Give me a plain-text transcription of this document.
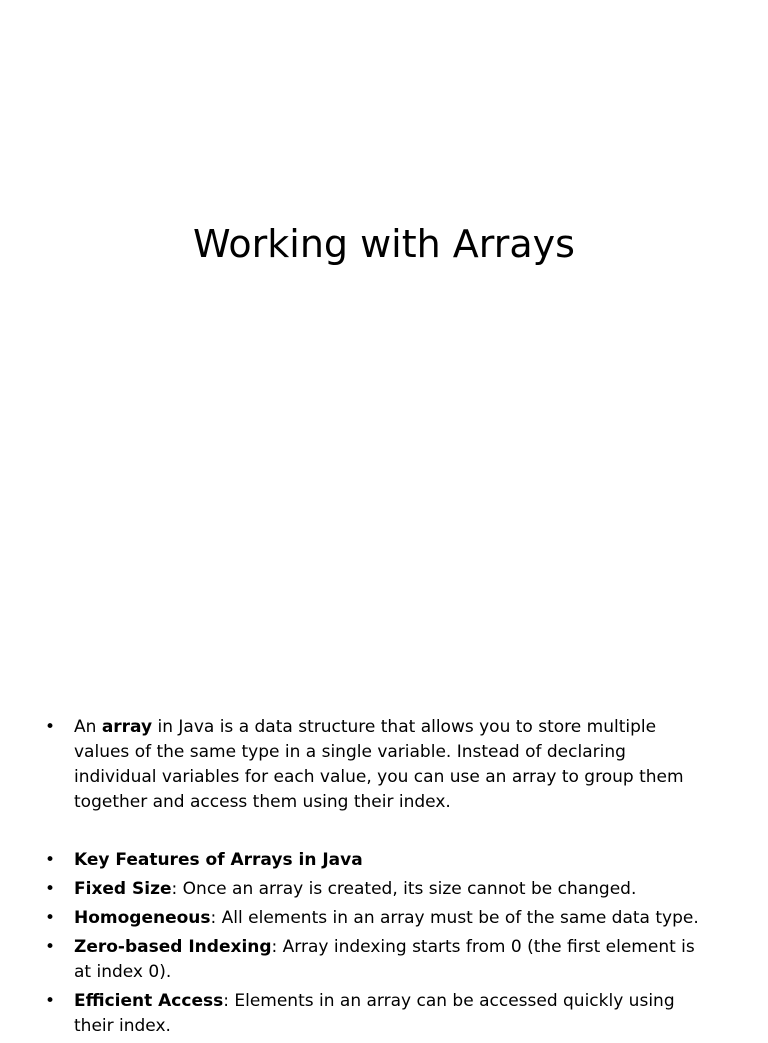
Working with Arrays
• An array in Java is a data structure that allows you to store multiple values of the same type in a single variable. Instead of declaring individual variables for each value, you can use an array to group them together and access them using their index.
• Key Features of Arrays in Java
• Fixed Size: Once an array is created, its size cannot be changed.
• Homogeneous: All elements in an array must be of the same data type.
• Zero-based Indexing: Array indexing starts from 0 (the first element is at index 0).
• Efficient Access: Elements in an array can be accessed quickly using their index.
